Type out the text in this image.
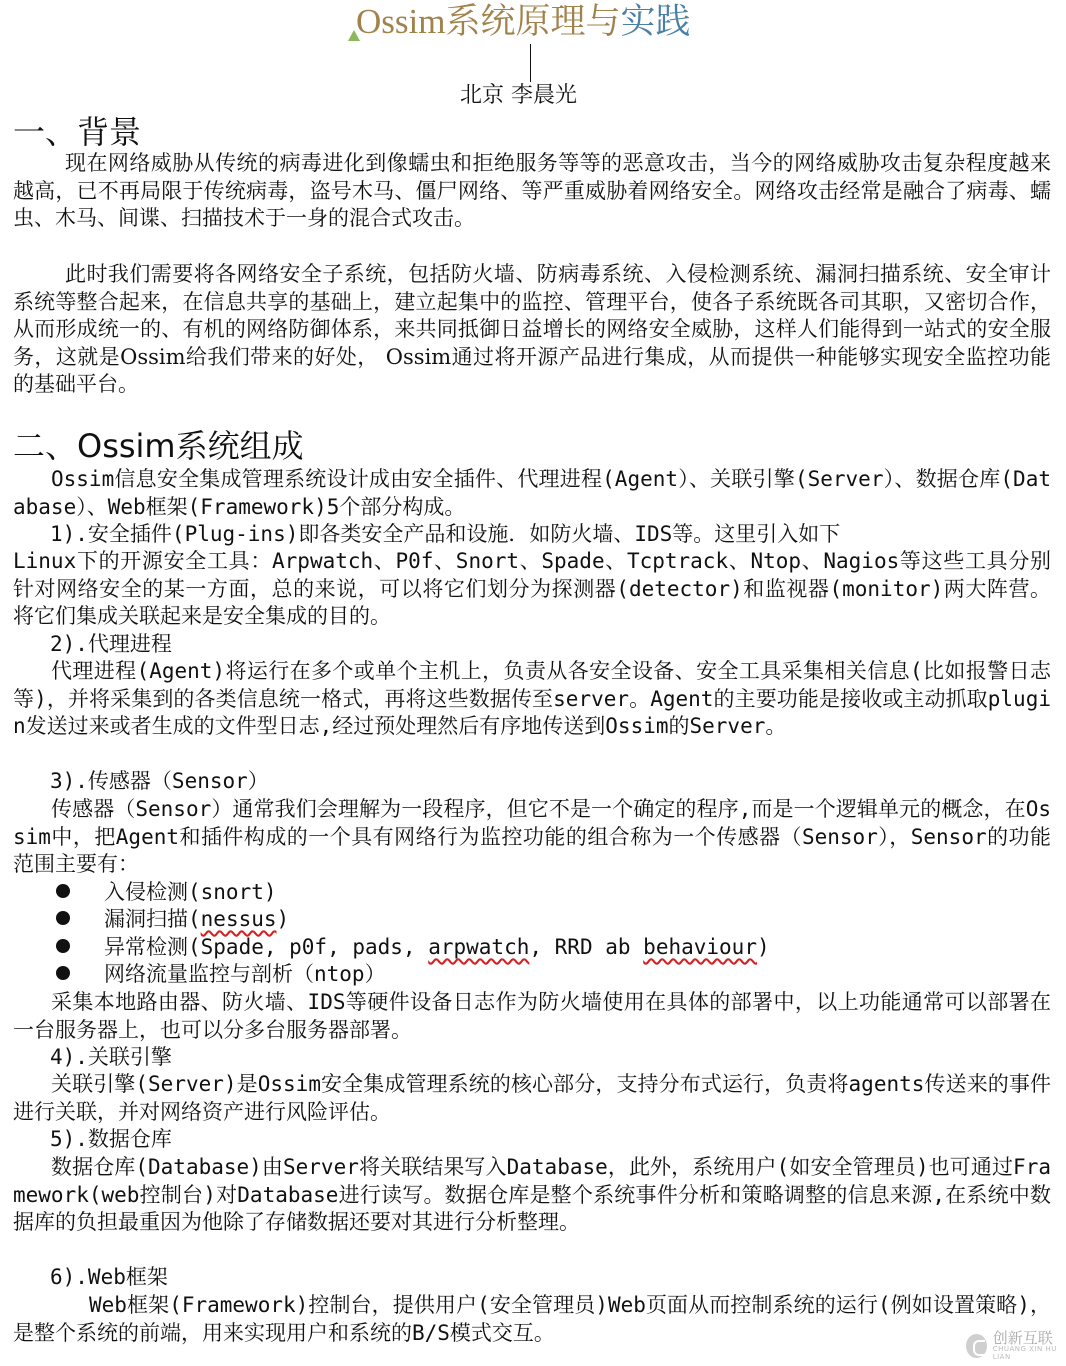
Ossim系统原理与实践
北京 李晨光
一、背景

现在网络威胁从传统的病毒进化到像蠕虫和拒绝服务等等的恶意攻击，当今的网络威胁攻击复杂程度越来越高，已不再局限于传统病毒，盗号木马、僵尸网络、等严重威胁着网络安全。网络攻击经常是融合了病毒、蠕虫、木马、间谍、扫描技术于一身的混合式攻击。

此时我们需要将各网络安全子系统，包括防火墙、防病毒系统、入侵检测系统、漏洞扫描系统、安全审计系统等整合起来，在信息共享的基础上，建立起集中的监控、管理平台，使各子系统既各司其职，又密切合作，从而形成统一的、有机的网络防御体系，来共同抵御日益增长的网络安全威胁，这样人们能得到一站式的安全服务，这就是Ossim给我们带来的好处， Ossim通过将开源产品进行集成，从而提供一种能够实现安全监控功能的基础平台。

二、Ossim系统组成

Ossim信息安全集成管理系统设计成由安全插件、代理进程(Agent）、关联引擎(Server）、数据仓库(Database）、Web框架(Framework)5个部分构成。

1).安全插件(Plug-ins)即各类安全产品和设施．如防火墙、IDS等。这里引入如下

Linux下的开源安全工具：Arpwatch、P0f、Snort、Spade、Tcptrack、Ntop、Nagios等这些工具分别针对网络安全的某一方面，总的来说，可以将它们划分为探测器(detector)和监视器(monitor)两大阵营。将它们集成关联起来是安全集成的目的。

2).代理进程

代理进程(Agent)将运行在多个或单个主机上，负责从各安全设备、安全工具采集相关信息(比如报警日志等)，并将采集到的各类信息统一格式，再将这些数据传至server。Agent的主要功能是接收或主动抓取plugin发送过来或者生成的文件型日志,经过预处理然后有序地传送到Ossim的Server。

3).传感器（Sensor）

传感器（Sensor）通常我们会理解为一段程序，但它不是一个确定的程序,而是一个逻辑单元的概念，在Ossim中，把Agent和插件构成的一个具有网络行为监控功能的组合称为一个传感器（Sensor），Sensor的功能范围主要有：

入侵检测(snort)
漏洞扫描(nessus)
异常检测(Spade, p0f, pads, arpwatch, RRD ab behaviour)
网络流量监控与剖析（ntop）

采集本地路由器、防火墙、IDS等硬件设备日志作为防火墙使用在具体的部署中，以上功能通常可以部署在一台服务器上，也可以分多台服务器部署。

4).关联引擎

关联引擎(Server)是Ossim安全集成管理系统的核心部分，支持分布式运行，负责将agents传送来的事件进行关联，并对网络资产进行风险评估。

5).数据仓库

数据仓库(Database)由Server将关联结果写入Database，此外，系统用户(如安全管理员)也可通过Framework(web控制台)对Database进行读写。数据仓库是整个系统事件分析和策略调整的信息来源,在系统中数据库的负担最重因为他除了存储数据还要对其进行分析整理。

6).Web框架

Web框架(Framework)控制台，提供用户(安全管理员)Web页面从而控制系统的运行(例如设置策略)，是整个系统的前端，用来实现用户和系统的B/S模式交互。	创新互联
CHUANG XIN HU LIAN
